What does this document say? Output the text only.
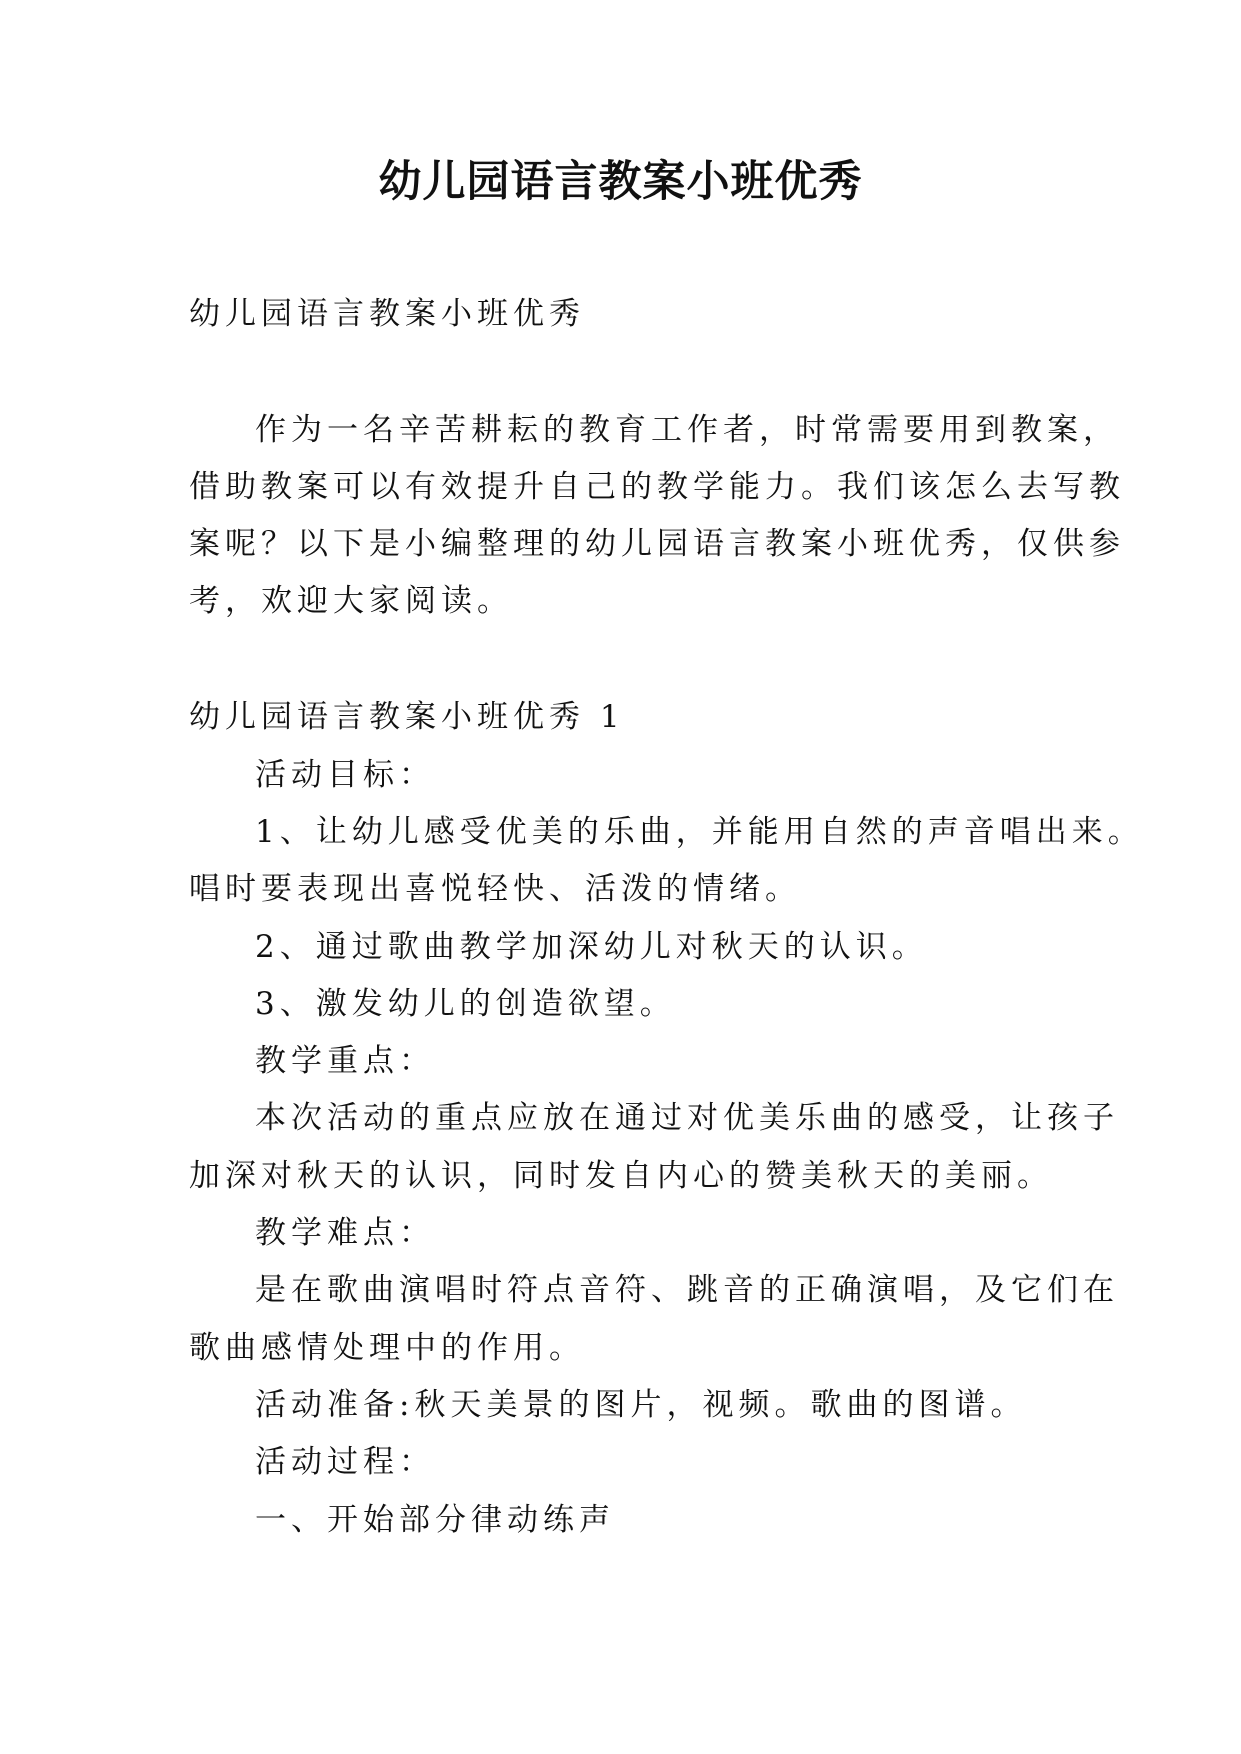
幼儿园语言教案小班优秀
幼儿园语言教案小班优秀
作为一名辛苦耕耘的教育工作者，时常需要用到教案，
借助教案可以有效提升自己的教学能力。我们该怎么去写教
案呢？以下是小编整理的幼儿园语言教案小班优秀，仅供参
考，欢迎大家阅读。
幼儿园语言教案小班优秀 1
活动目标：
1、让幼儿感受优美的乐曲，并能用自然的声音唱出来。
唱时要表现出喜悦轻快、活泼的情绪。
2、通过歌曲教学加深幼儿对秋天的认识。
3、激发幼儿的创造欲望。
教学重点：
本次活动的重点应放在通过对优美乐曲的感受，让孩子
加深对秋天的认识，同时发自内心的赞美秋天的美丽。
教学难点：
是在歌曲演唱时符点音符、跳音的正确演唱，及它们在
歌曲感情处理中的作用。
活动准备:秋天美景的图片，视频。歌曲的图谱。
活动过程：
一、开始部分律动练声
